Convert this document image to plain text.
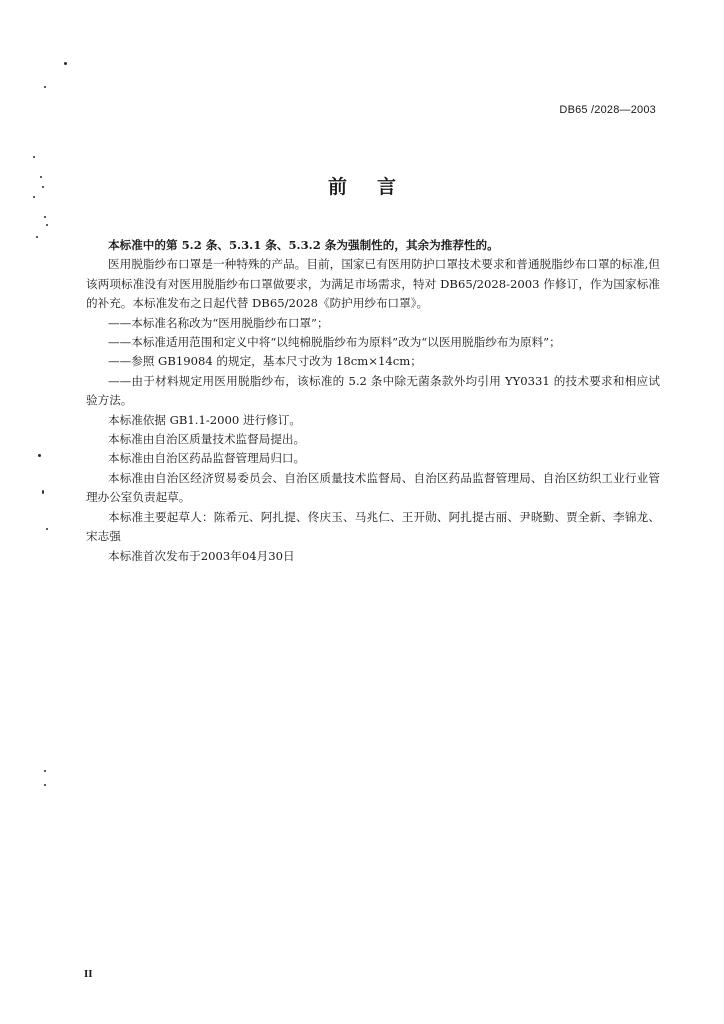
DB65 /2028—2003
前言

本标准中的第 5.2 条、5.3.1 条、5.3.2 条为强制性的，其余为推荐性的。

医用脱脂纱布口罩是一种特殊的产品。目前，国家已有医用防护口罩技术要求和普通脱脂纱布口罩的标准,但该两项标准没有对医用脱脂纱布口罩做要求，为满足市场需求，特对 DB65/2028-2003 作修订，作为国家标准的补充。本标准发布之日起代替 DB65/2028《防护用纱布口罩》。

——本标准名称改为“医用脱脂纱布口罩”；

——本标准适用范围和定义中将“以纯棉脱脂纱布为原料”改为“以医用脱脂纱布为原料”；

——参照 GB19084 的规定，基本尺寸改为 18cm×14cm；

——由于材料规定用医用脱脂纱布，该标准的 5.2 条中除无菌条款外均引用 YY0331 的技术要求和相应试验方法。

本标准依据 GB1.1-2000 进行修订。

本标准由自治区质量技术监督局提出。

本标准由自治区药品监督管理局归口。

本标准由自治区经济贸易委员会、自治区质量技术监督局、自治区药品监督管理局、自治区纺织工业行业管理办公室负责起草。

本标准主要起草人：陈希元、阿扎提、佟庆玉、马兆仁、王开勋、阿扎提古丽、尹晓勤、贾全新、李锦龙、宋志强

本标准首次发布于2003年04月30日

II
